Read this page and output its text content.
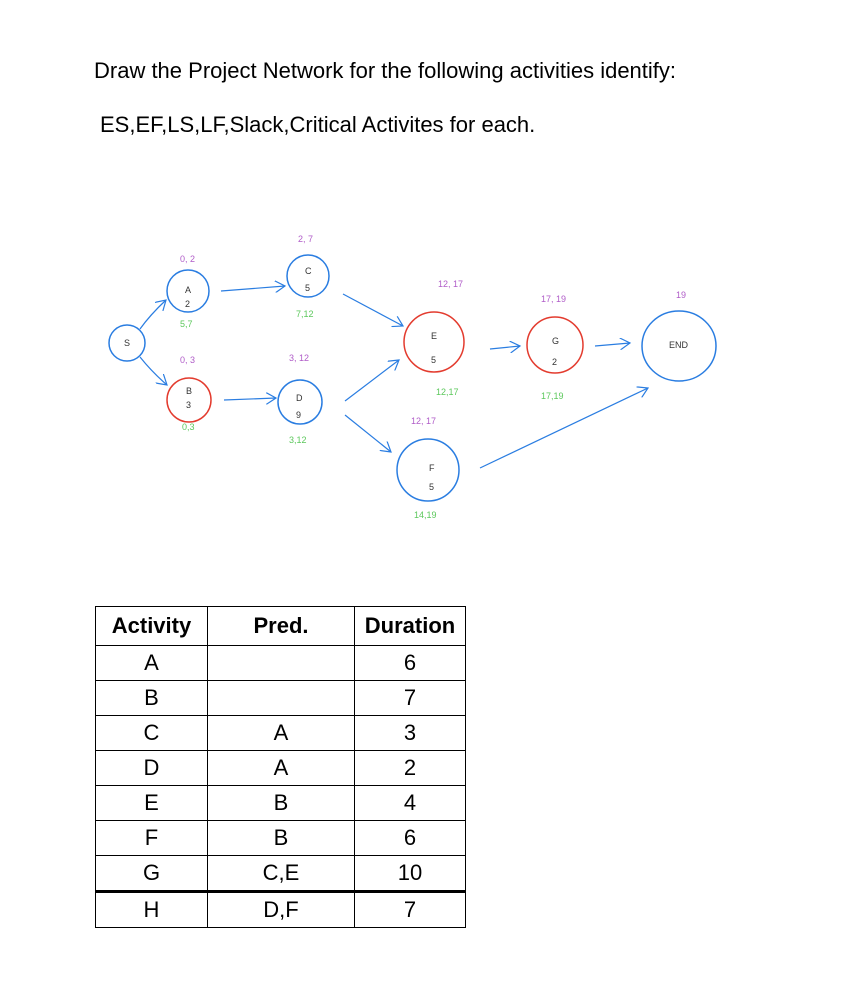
Draw the Project Network for the following activities identify:
ES,EF,LS,LF,Slack,Critical Activites for each.
S
A
2
0, 2
5,7
B
3
0, 3
0,3
C
5
2, 7
7,12
D
9
3, 12
3,12
E
5
12, 17
12,17
F
5
12, 17
14,19
G
2
17, 19
17,19
END
19
Activity	Pred.	Duration
A		6
B		7
C	A	3
D	A	2
E	B	4
F	B	6
G	C,E	10
H	D,F	7
